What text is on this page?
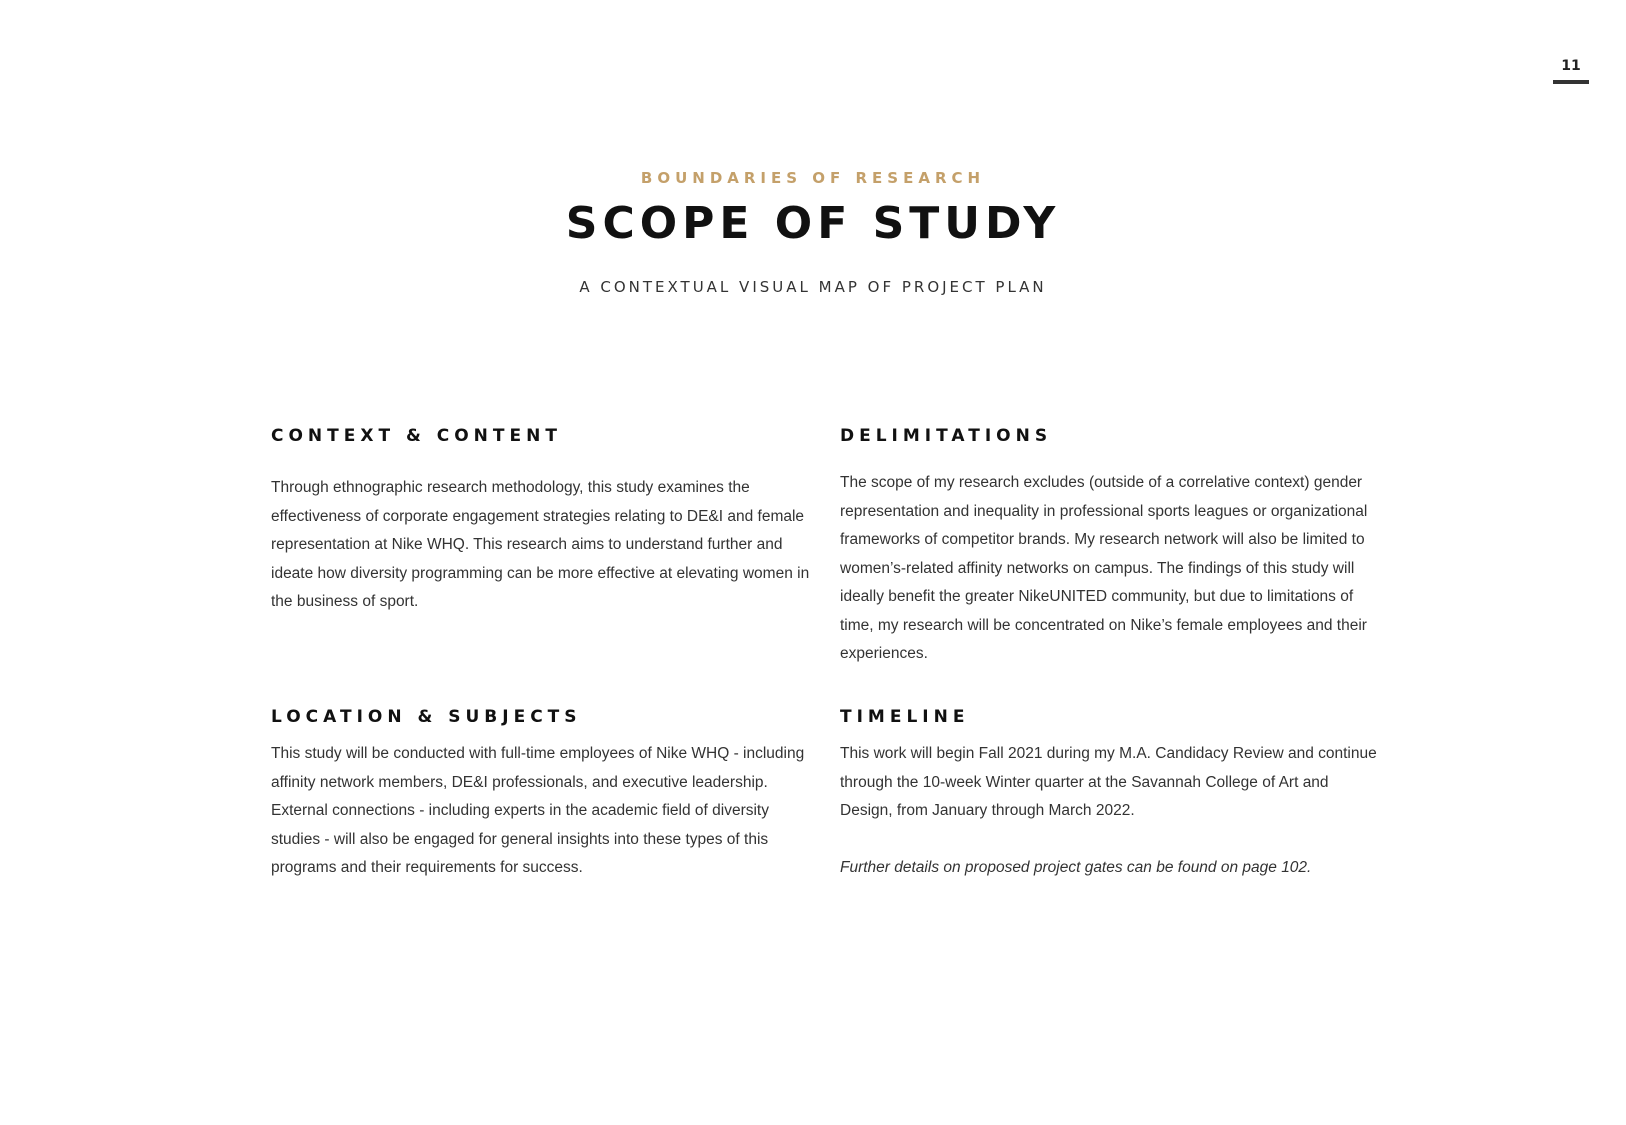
11
BOUNDARIES OF RESEARCH
SCOPE OF STUDY
A CONTEXTUAL VISUAL MAP OF PROJECT PLAN
CONTEXT & CONTENT

Through ethnographic research methodology, this study examines the effectiveness of corporate engagement strategies relating to DE&I and female representation at Nike WHQ. This research aims to understand further and ideate how diversity programming can be more effective at elevating women in the business of sport.

DELIMITATIONS

The scope of my research excludes (outside of a correlative context) gender representation and inequality in professional sports leagues or organizational frameworks of competitor brands. My research network will also be limited to women’s-related affinity networks on campus. The findings of this study will ideally benefit the greater NikeUNITED community, but due to limitations of time, my research will be concentrated on Nike’s female employees and their experiences.

LOCATION & SUBJECTS

This study will be conducted with full-time employees of Nike WHQ - including affinity network members, DE&I professionals, and executive leadership. External connections - including experts in the academic field of diversity studies - will also be engaged for general insights into these types of this programs and their requirements for success.

TIMELINE

This work will begin Fall 2021 during my M.A. Candidacy Review and continue through the 10-week Winter quarter at the Savannah College of Art and Design, from January through March 2022.

Further details on proposed project gates can be found on page 102.
